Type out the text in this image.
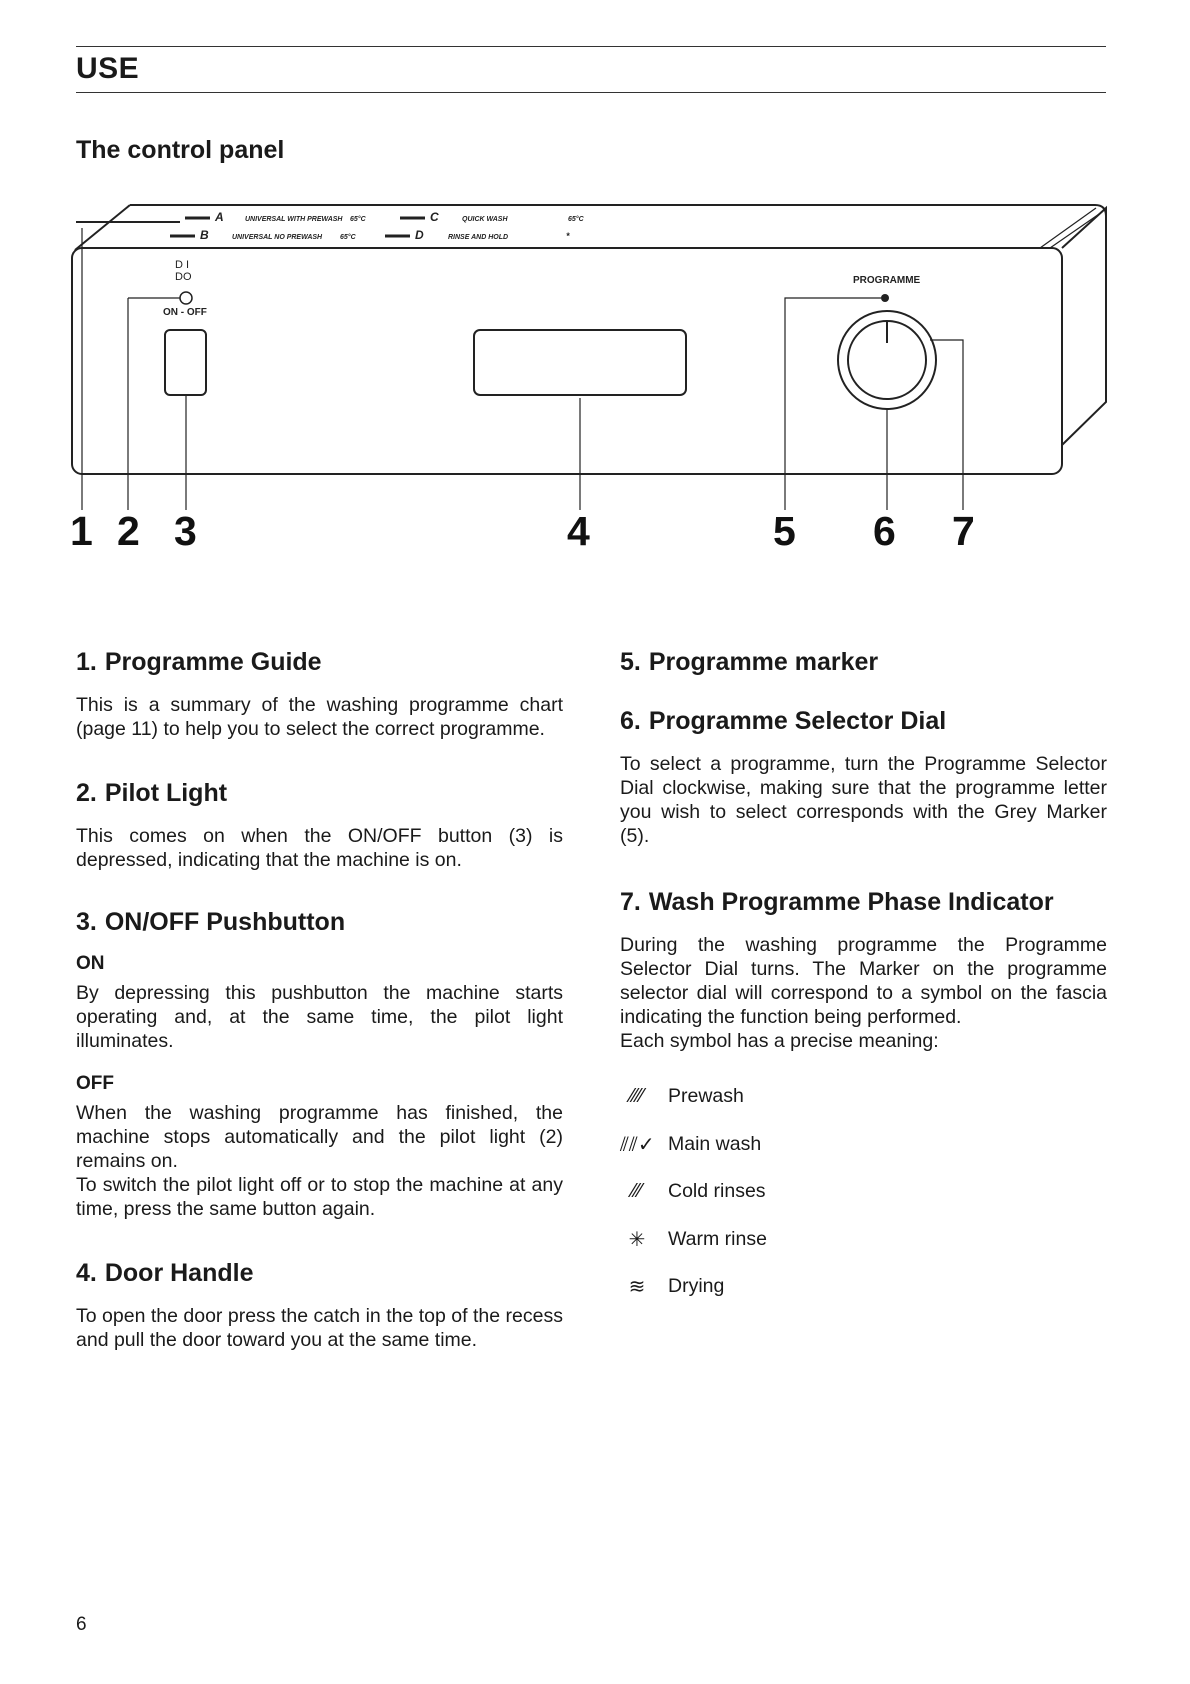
USE
The control panel
A	UNIVERSAL WITH PREWASH 65°C	C	QUICK WASH	65°C
B	UNIVERSAL NO PREWASH	65°C	D	RINSE AND HOLD	*
D I DO
ON - OFF
PROGRAMME
1 2 3	4	5 6 7
1. Programme Guide

This is a summary of the washing programme chart (page 11) to help you to select the correct programme.

2. Pilot Light

This comes on when the ON/OFF button (3) is depressed, indicating that the machine is on.

3. ON/OFF Pushbutton
ON

By depressing this pushbutton the machine starts operating and, at the same time, the pilot light illuminates.

OFF

When the washing programme has finished, the machine stops automatically and the pilot light (2) remains on.

To switch the pilot light off or to stop the machine at any time, press the same button again.

4. Door Handle

To open the door press the catch in the top of the recess and pull the door toward you at the same time.

5. Programme marker
6. Programme Selector Dial

To select a programme, turn the Programme Selector Dial clockwise, making sure that the programme letter you wish to select corresponds with the Grey Marker (5).

7. Wash Programme Phase Indicator

During the washing programme the Programme Selector Dial turns. The Marker on the programme selector dial will correspond to a symbol on the fascia indicating the function being performed.

Each symbol has a precise meaning:

⁄⁄⁄⁄	Prewash
⫽⫽✓ Main wash
⁄⁄⁄	Cold rinses
✳	Warm rinse
≋	Drying
6
